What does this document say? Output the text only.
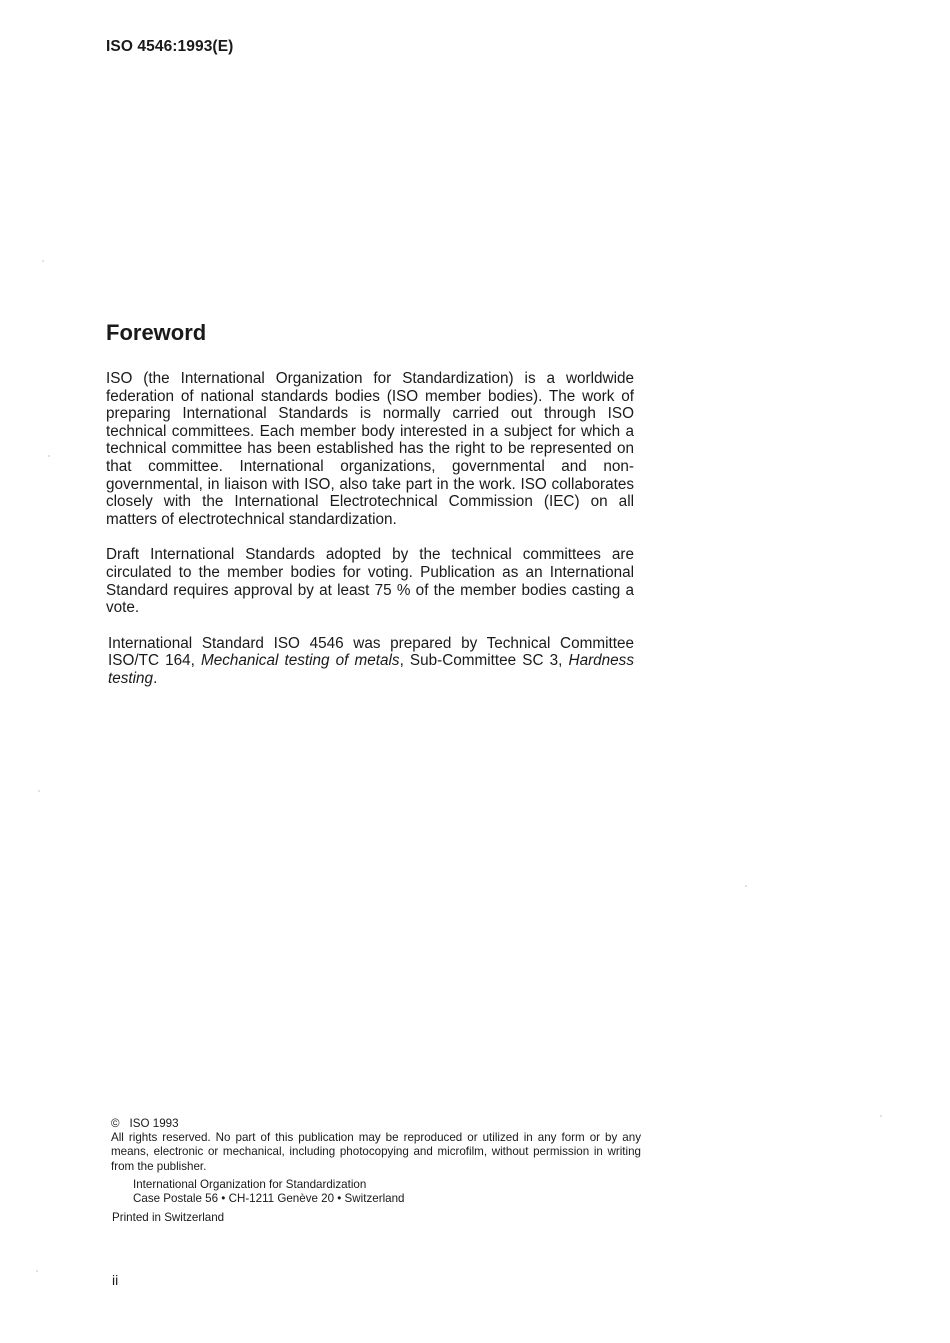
ISO 4546:1993(E)
Foreword

ISO (the International Organization for Standardization) is a worldwide federation of national standards bodies (ISO member bodies). The work of preparing International Standards is normally carried out through ISO technical committees. Each member body interested in a subject for which a technical committee has been established has the right to be represented on that committee. International organizations, governmental and non-governmental, in liaison with ISO, also take part in the work. ISO collaborates closely with the International Electrotechnical Commission (IEC) on all matters of electrotechnical standardization.

Draft International Standards adopted by the technical committees are circulated to the member bodies for voting. Publication as an International Standard requires approval by at least 75 % of the member bodies casting a vote.

International Standard ISO 4546 was prepared by Technical Committee ISO/TC 164, Mechanical testing of metals, Sub-Committee SC 3, Hardness testing.

© ISO 1993

All rights reserved. No part of this publication may be reproduced or utilized in any form or by any means, electronic or mechanical, including photocopying and microfilm, without permission in writing from the publisher.

International Organization for Standardization

Case Postale 56 • CH-1211 Genève 20 • Switzerland

Printed in Switzerland

ii
